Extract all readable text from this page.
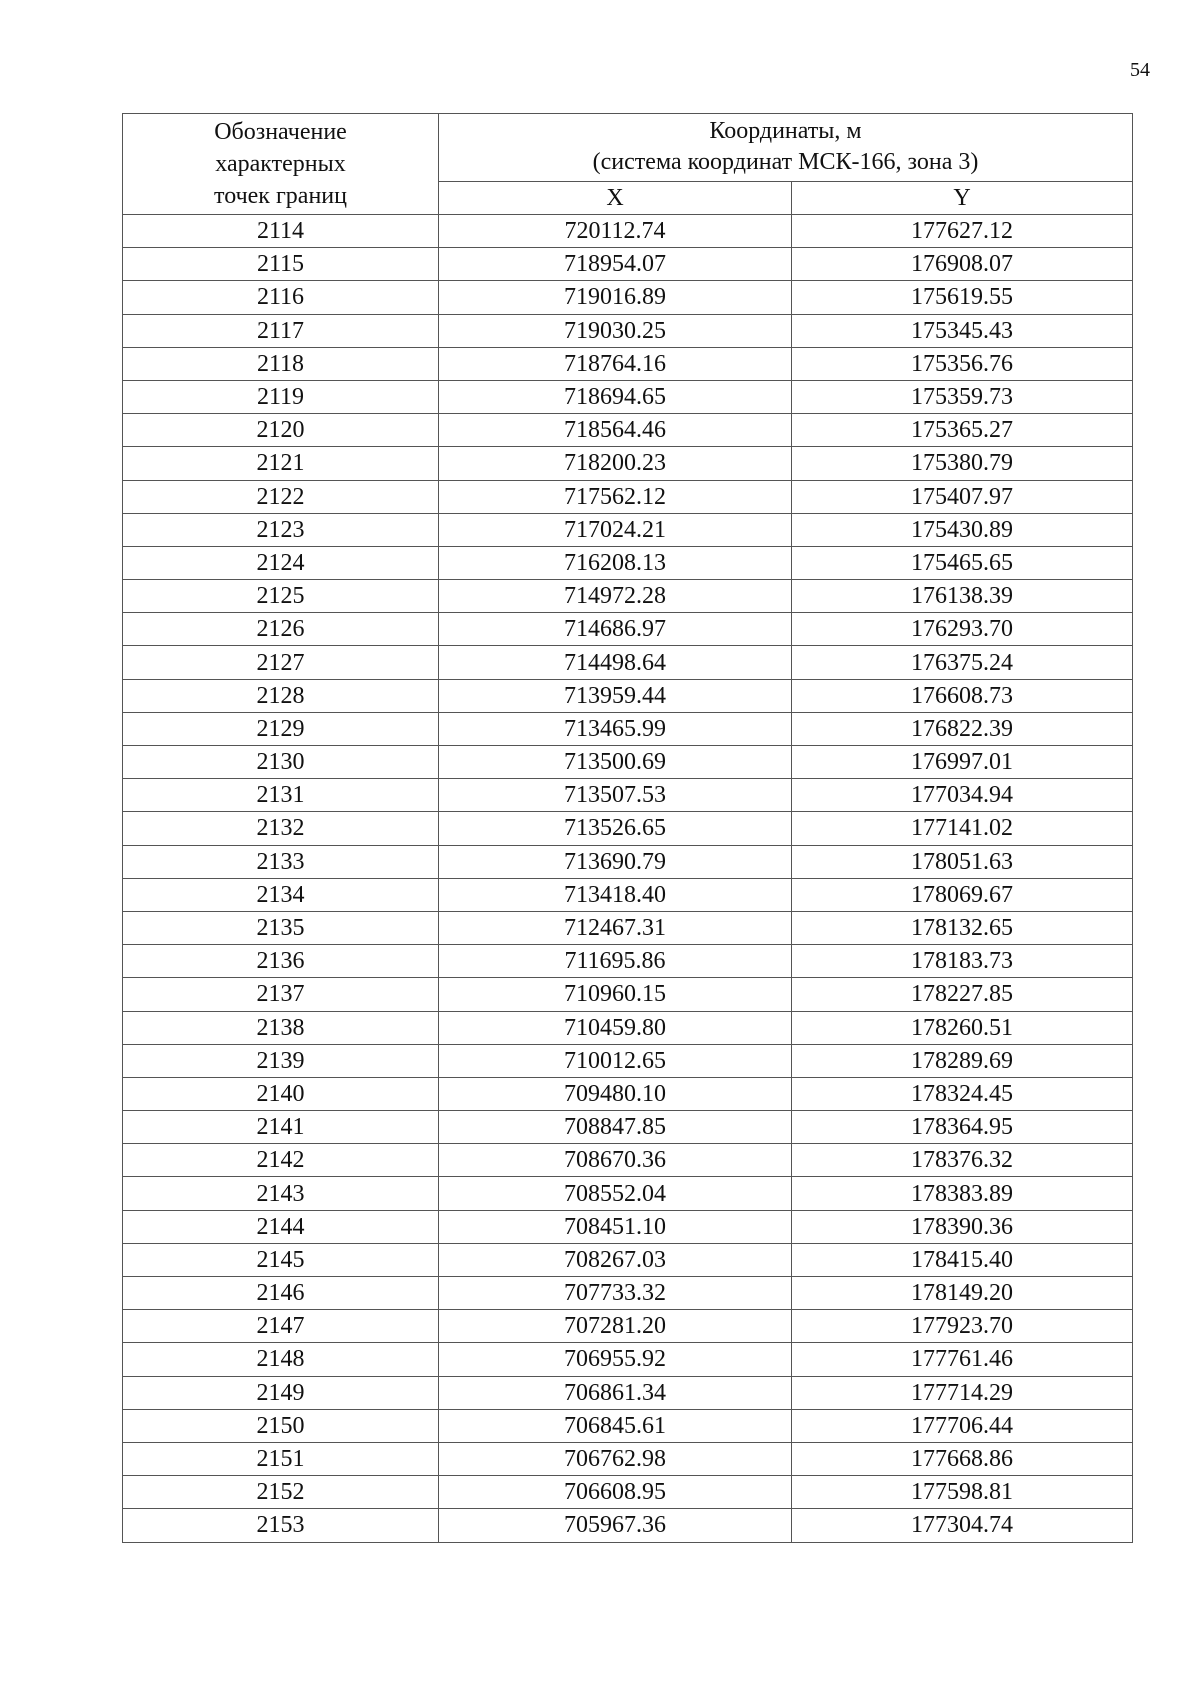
54
Обозначение
характерных
точек границ	Координаты, м
(система координат МСК-166, зона 3)	

	X	Y
2114	720112.74	177627.12
2115	718954.07	176908.07
2116	719016.89	175619.55
2117	719030.25	175345.43
2118	718764.16	175356.76
2119	718694.65	175359.73
2120	718564.46	175365.27
2121	718200.23	175380.79
2122	717562.12	175407.97
2123	717024.21	175430.89
2124	716208.13	175465.65
2125	714972.28	176138.39
2126	714686.97	176293.70
2127	714498.64	176375.24
2128	713959.44	176608.73
2129	713465.99	176822.39
2130	713500.69	176997.01
2131	713507.53	177034.94
2132	713526.65	177141.02
2133	713690.79	178051.63
2134	713418.40	178069.67
2135	712467.31	178132.65
2136	711695.86	178183.73
2137	710960.15	178227.85
2138	710459.80	178260.51
2139	710012.65	178289.69
2140	709480.10	178324.45
2141	708847.85	178364.95
2142	708670.36	178376.32
2143	708552.04	178383.89
2144	708451.10	178390.36
2145	708267.03	178415.40
2146	707733.32	178149.20
2147	707281.20	177923.70
2148	706955.92	177761.46
2149	706861.34	177714.29
2150	706845.61	177706.44
2151	706762.98	177668.86
2152	706608.95	177598.81
2153	705967.36	177304.74
